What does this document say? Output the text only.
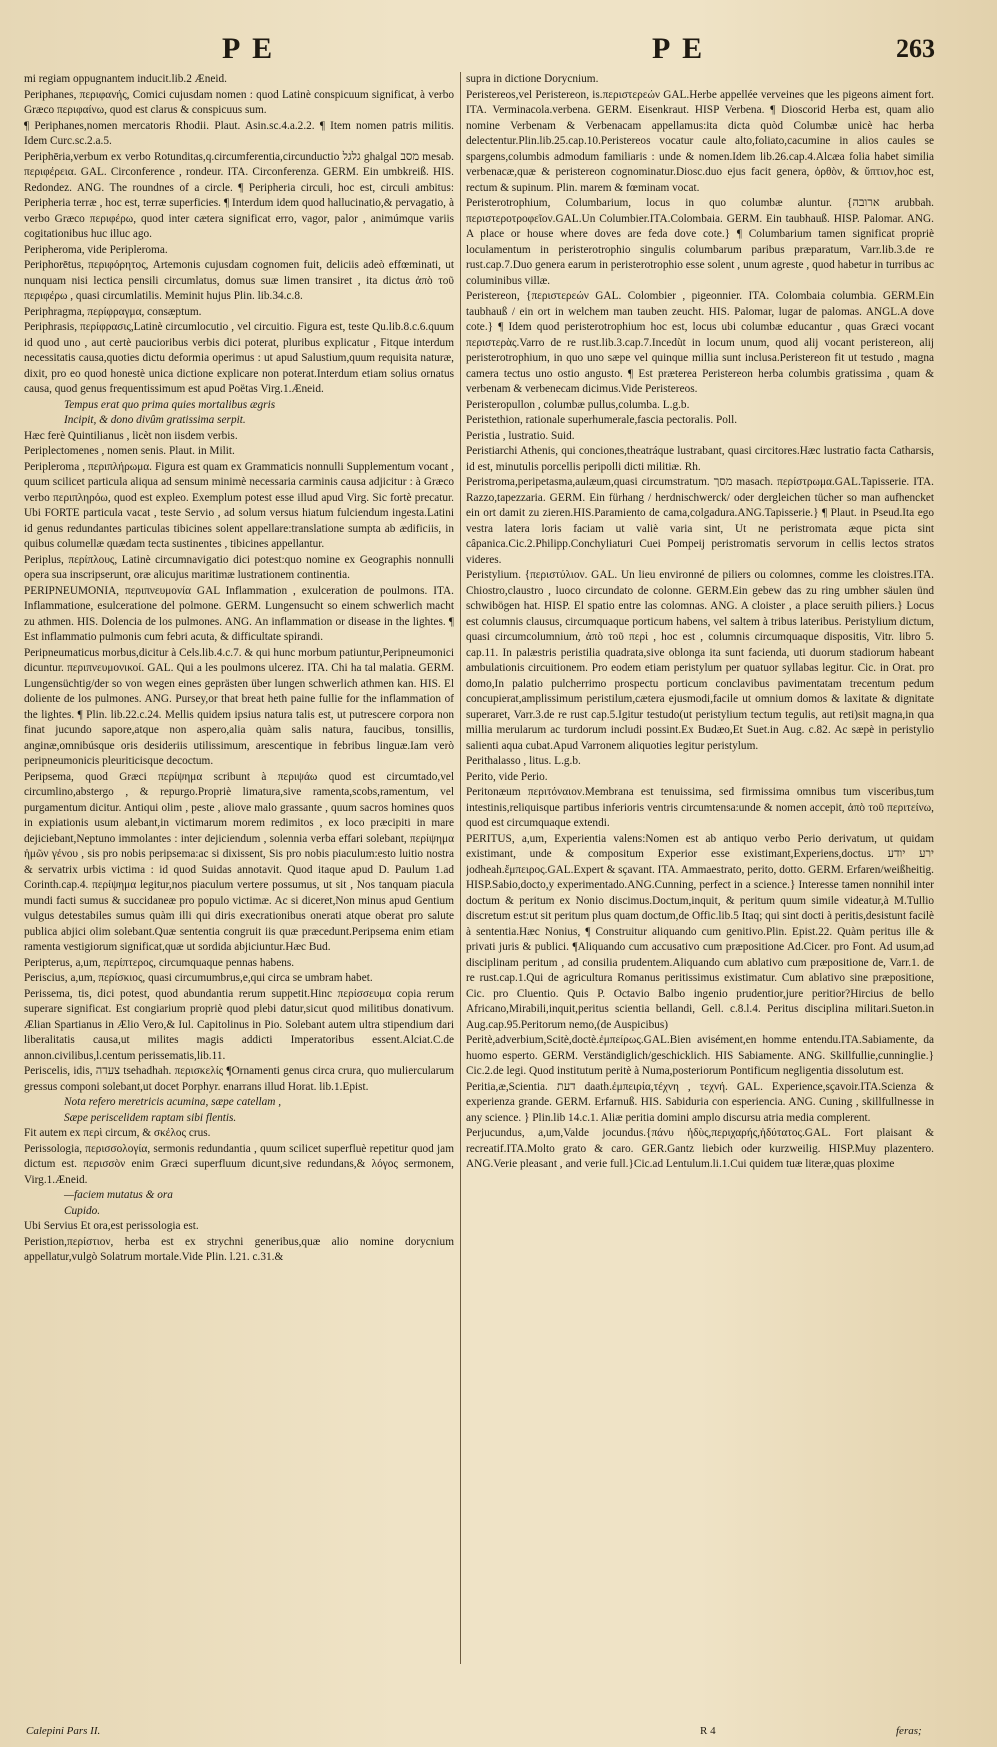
P E	P E	263

mi regiam oppugnantem inducit.lib.2 Æneid.

Periphanes, περιφανής, Comici cujusdam nomen : quod Latinè conspicuum significat, à verbo Græco περιφαίνω, quod est clarus & conspicuus sum.

¶ Periphanes,nomen mercatoris Rhodii. Plaut. Asin.sc.4.a.2.2. ¶ Item nomen patris militis. Idem Curc.sc.2.a.5.

Periphēria,verbum ex verbo Rotunditas,q.circumferentia,circunductio גלגל ghalgal מסב mesab. περιφέρεια. GAL. Circonference , rondeur. ITA. Circonferenza. GERM. Ein umbkreiß. HIS. Redondez. ANG. The roundnes of a circle. ¶ Peripheria circuli, hoc est, circuli ambitus: Peripheria terræ , hoc est, terræ superficies. ¶ Interdum idem quod hallucinatio,& pervagatio, à verbo Græco περιφέρω, quod inter cætera significat erro, vagor, palor , animúmque variis cogitationibus huc illuc ago.

Peripheroma, vide Peripleroma.

Periphorētus, περιφόρητος, Artemonis cujusdam cognomen fuit, deliciis adeò effœminati, ut nunquam nisi lectica pensili circumlatus, domus suæ limen transiret , ita dictus ἀπὸ τοῦ περιφέρω , quasi circumlatilis. Meminit hujus Plin. lib.34.c.8.

Periphragma, περίφραγμα, consæptum.

Periphrasis, περίφρασις,Latinè circumlocutio , vel circuitio. Figura est, teste Qu.lib.8.c.6.quum id quod uno , aut certè paucioribus verbis dici poterat, pluribus explicatur , Fitque interdum necessitatis causa,quoties dictu deformia operimus : ut apud Salustium,quum requisita naturæ, dixit, pro eo quod honestè unica dictione explicare non poterat.Interdum etiam solius ornatus causa, quod genus frequentissimum est apud Poëtas Virg.1.Æneid.

Tempus erat quo prima quies mortalibus ægris

Incipit, & dono divûm gratissima serpit.

Hæc ferè Quintilianus , licèt non iisdem verbis.

Periplectomenes , nomen senis. Plaut. in Milit.

Peripleroma , περιπλήρωμα. Figura est quam ex Grammaticis nonnulli Supplementum vocant , quum scilicet particula aliqua ad sensum minimè necessaria carminis causa adjicitur : à Græco verbo περιπληρόω, quod est expleo. Exemplum potest esse illud apud Virg. Sic fortè precatur. Ubi FORTE particula vacat , teste Servio , ad solum versus hiatum fulciendum ingesta.Latini id genus redundantes particulas tibicines solent appellare:translatione sumpta ab ædificiis, in quibus columellæ quædam tecta sustinentes , tibicines appellantur.

Periplus, περίπλους, Latinè circumnavigatio dici potest:quo nomine ex Geographis nonnulli opera sua inscripserunt, oræ alicujus maritimæ lustrationem continentia.

PERIPNEUMONIA, περιπνευμονία GAL Inflammation , exulceration de poulmons. ITA. Inflammatione, esulceratione del polmone. GERM. Lungensucht so einem schwerlich macht zu athmen. HIS. Dolencia de los pulmones. ANG. An inflammation or disease in the lightes. ¶ Est inflammatio pulmonis cum febri acuta, & difficultate spirandi.

Peripneumaticus morbus,dicitur à Cels.lib.4.c.7. & qui hunc morbum patiuntur,Peripneumonici dicuntur. περιπνευμονικοί. GAL. Qui a les poulmons ulcerez. ITA. Chi ha tal malatia. GERM. Lungensüchtig/der so von wegen eines geprästen über lungen schwerlich athmen kan. HIS. El doliente de los pulmones. ANG. Pursey,or that breat heth paine fullie for the inflammation of the lightes. ¶ Plin. lib.22.c.24. Mellis quidem ipsius natura talis est, ut putrescere corpora non finat jucundo sapore,atque non aspero,alia quàm salis natura, faucibus, tonsillis, anginæ,omnibúsque oris desideriis utilissimum, arescentique in febribus linguæ.Iam verò peripneumonicis pleuriticisque decoctum.

Peripsema, quod Græci περίψημα scribunt à περιψάω quod est circumtado,vel circumlino,abstergo , & repurgo.Propriè limatura,sive ramenta,scobs,ramentum, vel purgamentum dicitur. Antiqui olim , peste , aliove malo grassante , quum sacros homines quos in expiationis usum alebant,in victimarum morem redimitos , ex loco præcipiti in mare dejiciebant,Neptuno immolantes : inter dejiciendum , solennia verba effari solebant, περίψημα ἡμῶν γένου , sis pro nobis peripsema:ac si dixissent, Sis pro nobis piaculum:esto luitio nostra & servatrix urbis victima : id quod Suidas annotavit. Quod itaque apud D. Paulum 1.ad Corinth.cap.4. περίψημα legitur,nos piaculum vertere possumus, ut sit , Nos tanquam piacula mundi facti sumus & succidaneæ pro populo victimæ. Ac si diceret,Non minus apud Gentium vulgus detestabiles sumus quàm illi qui diris execrationibus onerati atque oberat pro salute publica abjici olim solebant.Quæ sententia congruit iis quæ præcedunt.Peripsema enim etiam ramenta vestigiorum significat,quæ ut sordida abjiciuntur.Hæc Bud.

Peripterus, a,um, περίπτερος, circumquaque pennas habens.

Periscius, a,um, περίσκιος, quasi circumumbrus,e,qui circa se umbram habet.

Perissema, tis, dici potest, quod abundantia rerum suppetit.Hinc περίσσευμα copia rerum superare significat. Est congiarium propriè quod plebi datur,sicut quod militibus donativum. Ælian Spartianus in Ælio Vero,& Iul. Capitolinus in Pio. Solebant autem ultra stipendium dari liberalitatis causa,ut milites magis addicti Imperatoribus essent.Alciat.C.de annon.civilibus,l.centum perissematis,lib.11.

Periscelis, idis, צעדה tsehadhah. περισκελίς ¶Ornamenti genus circa crura, quo muliercularum gressus componi solebant,ut docet Porphyr. enarrans illud Horat. lib.1.Epist.

Nota refero meretricis acumina, sæpe catellam ,

Sæpe periscelidem raptam sibi flentis.

Fit autem ex περὶ circum, & σκέλος crus.

Perissologia, περισσολογία, sermonis redundantia , quum scilicet superfluè repetitur quod jam dictum est. περισσὸν enim Græci superfluum dicunt,sive redundans,& λόγος sermonem, Virg.1.Æneid.

—faciem mutatus & ora

Cupido.

Ubi Servius Et ora,est perissologia est.

Peristion,περίστιον, herba est ex strychni generibus,quæ alio nomine dorycnium appellatur,vulgò Solatrum mortale.Vide Plin. l.21. c.31.&

supra in dictione Dorycnium.

Peristereos,vel Peristereon, is.περιστερεών GAL.Herbe appellée verveines que les pigeons aiment fort. ITA. Verminacola.verbena. GERM. Eisenkraut. HISP Verbena. ¶ Dioscorid Herba est, quam alio nomine Verbenam & Verbenacam appellamus:ita dicta quòd Columbæ unicè hac herba delectentur.Plin.lib.25.cap.10.Peristereos vocatur caule alto,foliato,cacumine in alios caules se spargens,columbis admodum familiaris : unde & nomen.Idem lib.26.cap.4.Alcæa folia habet similia verbenacæ,quæ & peristereon cognominatur.Diosc.duo ejus facit genera, ὀρθὸν, & ὕπτιον,hoc est, rectum & supinum. Plin. marem & fœminam vocat.

Peristerotrophium, Columbarium, locus in quo columbæ aluntur. {ארובה arubbah. περιστεροτροφεῖον.GAL.Un Columbier.ITA.Colombaia. GERM. Ein taubhauß. HISP. Palomar. ANG. A place or house where doves are feda dove cote.} ¶ Columbarium tamen significat propriè loculamentum in peristerotrophio singulis columbarum paribus præparatum, Varr.lib.3.de re rust.cap.7.Duo genera earum in peristerotrophio esse solent , unum agreste , quod habetur in turribus ac columinibus villæ.

Peristereon, {περιστερεών GAL. Colombier , pigeonnier. ITA. Colombaia columbia. GERM.Ein taubhauß / ein ort in welchem man tauben zeucht. HIS. Palomar, lugar de palomas. ANGL.A dove cote.} ¶ Idem quod peristerotrophium hoc est, locus ubi columbæ educantur , quas Græci vocant περιστερὰς.Varro de re rust.lib.3.cap.7.Incedùt in locum unum, quod alij vocant peristereon, alij peristerotrophium, in quo uno sæpe vel quinque millia sunt inclusa.Peristereon fit ut testudo , magna camera tectus uno ostio angusto. ¶ Est præterea Peristereon herba columbis gratissima , quam & verbenam & verbenecam dicimus.Vide Peristereos.

Peristeropullon , columbæ pullus,columba. L.g.b.

Peristethion, rationale superhumerale,fascia pectoralis. Poll.

Peristia , lustratio. Suid.

Peristiarchi Athenis, qui conciones,theatráque lustrabant, quasi circitores.Hæc lustratio facta Catharsis, id est, minutulis porcellis peripolli dicti militiæ. Rh.

Peristroma,peripetasma,aulæum,quasi circumstratum. מסך masach. περίστρωμα.GAL.Tapisserie. ITA. Razzo,tapezzaria. GERM. Ein fürhang / herdnischwerck/ oder dergleichen tücher so man aufhencket ein ort damit zu zieren.HIS.Paramiento de cama,colgadura.ANG.Tapisserie.} ¶ Plaut. in Pseud.Ita ego vestra latera loris faciam ut valiè varia sint, Ut ne peristromata æque picta sint câpanica.Cic.2.Philipp.Conchyliaturi Cuei Pompeij peristromatis servorum in cellis lectos stratos videres.

Peristylium. {περιστύλιον. GAL. Un lieu environné de piliers ou colomnes, comme les cloistres.ITA. Chiostro,claustro , luoco circundato de colonne. GERM.Ein gebew das zu ring umbher säulen ünd schwibögen hat. HISP. El spatio entre las colomnas. ANG. A cloister , a place seruith piliers.} Locus est columnis clausus, circumquaque porticum habens, vel saltem à tribus lateribus. Peristylium dictum, quasi circumcolumnium, ἀπὸ τοῦ περὶ , hoc est , columnis circumquaque dispositis, Vitr. libro 5. cap.11. In palæstris peristilia quadrata,sive oblonga ita sunt facienda, uti duorum stadiorum habeant ambulationis circuitionem. Pro eodem etiam peristylum per quatuor syllabas legitur. Cic. in Orat. pro domo,In palatio pulcherrimo prospectu porticum conclavibus pavimentatam trecentum pedum concupierat,amplissimum peristilum,cætera ejusmodi,facile ut omnium domos & laxitate & dignitate superaret, Varr.3.de re rust cap.5.Igitur testudo(ut peristylium tectum tegulis, aut reti)sit magna,in qua millia merularum ac turdorum includi possint.Ex Budæo,Et Suet.in Aug. c.82. Ac sæpè in peristylio salienti aqua cubat.Apud Varronem aliquoties legitur peristylum.

Perithalasso , litus. L.g.b.

Perito, vide Perio.

Peritonæum περιτόναιον.Membrana est tenuissima, sed firmissima omnibus tum visceribus,tum intestinis,reliquisque partibus inferioris ventris circumtensa:unde & nomen accepit, ἀπὸ τοῦ περιτείνω, quod est circumquaque extendi.

PERITUS, a,um, Experientia valens:Nomen est ab antiquo verbo Perio derivatum, ut quidam existimant, unde & compositum Experior esse existimant,Experiens,doctus. ירע יודע jodheah.ἔμπειρος.GAL.Expert & sçavant. ITA. Ammaestrato, perito, dotto. GERM. Erfaren/weißheitig. HISP.Sabio,docto,y experimentado.ANG.Cunning, perfect in a science.} Interesse tamen nonnihil inter doctum & peritum ex Nonio discimus.Doctum,inquit, & peritum quum simile videatur,à M.Tullio discretum est:ut sit peritum plus quam doctum,de Offic.lib.5 Itaq; qui sint docti à peritis,desistunt facilè à sententia.Hæc Nonius, ¶ Construitur aliquando cum genitivo.Plin. Epist.22. Quàm peritus ille & privati juris & publici. ¶Aliquando cum accusativo cum præpositione Ad.Cicer. pro Font. Ad usum,ad disciplinam peritum , ad consilia prudentem.Aliquando cum ablativo cum præpositione de, Varr.1. de re rust.cap.1.Qui de agricultura Romanus peritissimus existimatur. Cum ablativo sine præpositione, Cic. pro Cluentio. Quis P. Octavio Balbo ingenio prudentior,jure peritior?Hircius de bello Africano,Mirabili,inquit,peritus scientia bellandi, Gell. c.8.l.4. Peritus disciplina militari.Sueton.in Aug.cap.95.Peritorum nemo,(de Auspicibus)

Peritè,adverbium,Scitè,doctè.ἐμπείρως.GAL.Bien avisément,en homme entendu.ITA.Sabiamente, da huomo esperto. GERM. Verständiglich/geschicklich. HIS Sabiamente. ANG. Skillfullie,cunninglie.} Cic.2.de legi. Quod institutum peritè à Numa,posteriorum Pontificum negligentia dissolutum est.

Peritia,æ,Scientia. דעת daath.ἐμπειρία,τέχνη , τεχνή. GAL. Experience,sçavoir.ITA.Scienza & experienza grande. GERM. Erfarnuß. HIS. Sabiduria con esperiencia. ANG. Cuning , skillfullnesse in any science. } Plin.lib 14.c.1. Aliæ peritia domini amplo discursu atria media complerent.

Perjucundus, a,um,Valde jocundus.{πάνυ ἡδὺς,περιχαρής,ἡδύτατος.GAL. Fort plaisant & recreatif.ITA.Molto grato & caro. GER.Gantz liebich oder kurzweilig. HISP.Muy plazentero. ANG.Verie pleasant , and verie full.}Cic.ad Lentulum.li.1.Cui quidem tuæ literæ,quas ploxime

Calepini Pars II.	R 4	feras;
